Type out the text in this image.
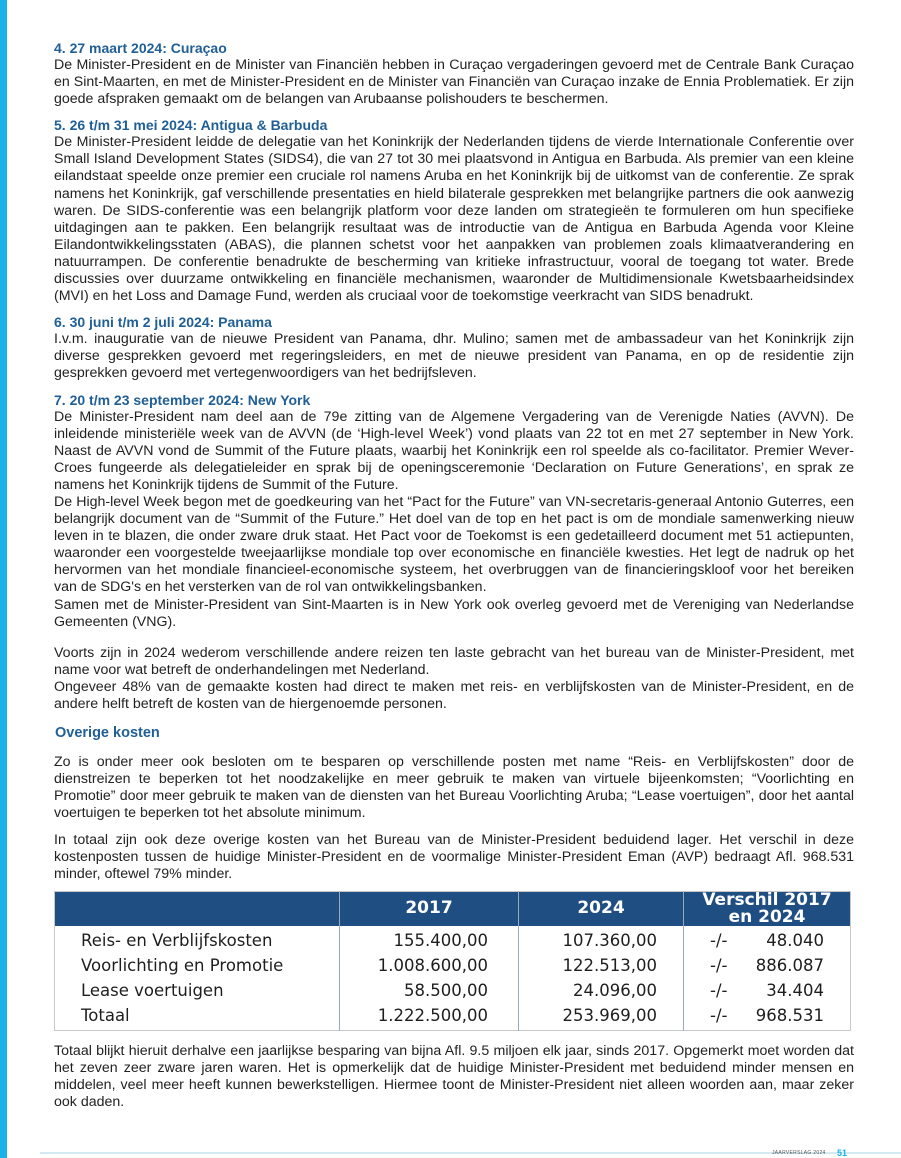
4. 27 maart 2024: Curaçao

De Minister-President en de Minister van Financiën hebben in Curaçao vergaderingen gevoerd met de Centrale Bank Curaçao en Sint-Maarten, en met de Minister-President en de Minister van Financiën van Curaçao inzake de Ennia Problematiek. Er zijn goede afspraken gemaakt om de belangen van Arubaanse polishouders te beschermen.

5. 26 t/m 31 mei 2024: Antigua & Barbuda

De Minister-President leidde de delegatie van het Koninkrijk der Nederlanden tijdens de vierde Internationale Conferentie over Small Island Development States (SIDS4), die van 27 tot 30 mei plaatsvond in Antigua en Barbuda. Als premier van een kleine eilandstaat speelde onze premier een cruciale rol namens Aruba en het Koninkrijk bij de uitkomst van de conferentie. Ze sprak namens het Koninkrijk, gaf verschillende presentaties en hield bilaterale gesprekken met belangrijke partners die ook aanwezig waren. De SIDS-conferentie was een belangrijk platform voor deze landen om strategieën te formuleren om hun specifieke uitdagingen aan te pakken. Een belangrijk resultaat was de introductie van de Antigua en Barbuda Agenda voor Kleine Eilandontwikkelingsstaten (ABAS), die plannen schetst voor het aanpakken van problemen zoals klimaatverandering en natuurrampen. De conferentie benadrukte de bescherming van kritieke infrastructuur, vooral de toegang tot water. Brede discussies over duurzame ontwikkeling en financiële mechanismen, waaronder de Multidimensionale Kwetsbaarheidsindex (MVI) en het Loss and Damage Fund, werden als cruciaal voor de toekomstige veerkracht van SIDS benadrukt.

6. 30 juni t/m 2 juli 2024: Panama

I.v.m. inauguratie van de nieuwe President van Panama, dhr. Mulino; samen met de ambassadeur van het Koninkrijk zijn diverse gesprekken gevoerd met regeringsleiders, en met de nieuwe president van Panama, en op de residentie zijn gesprekken gevoerd met vertegenwoordigers van het bedrijfsleven.

7. 20 t/m 23 september 2024: New York

De Minister-President nam deel aan de 79e zitting van de Algemene Vergadering van de Verenigde Naties (AVVN). De inleidende ministeriële week van de AVVN (de ‘High-level Week’) vond plaats van 22 tot en met 27 september in New York. Naast de AVVN vond de Summit of the Future plaats, waarbij het Koninkrijk een rol speelde als co-facilitator. Premier Wever-Croes fungeerde als delegatieleider en sprak bij de openingsceremonie ‘Declaration on Future Generations’, en sprak ze namens het Koninkrijk tijdens de Summit of the Future.

De High-level Week begon met de goedkeuring van het “Pact for the Future” van VN-secretaris-generaal Antonio Guterres, een belangrijk document van de “Summit of the Future.” Het doel van de top en het pact is om de mondiale samenwerking nieuw leven in te blazen, die onder zware druk staat. Het Pact voor de Toekomst is een gedetailleerd document met 51 actiepunten, waaronder een voorgestelde tweejaarlijkse mondiale top over economische en financiële kwesties. Het legt de nadruk op het hervormen van het mondiale financieel-economische systeem, het overbruggen van de financieringskloof voor het bereiken van de SDG's en het versterken van de rol van ontwikkelingsbanken.

Samen met de Minister-President van Sint-Maarten is in New York ook overleg gevoerd met de Vereniging van Nederlandse Gemeenten (VNG).

Voorts zijn in 2024 wederom verschillende andere reizen ten laste gebracht van het bureau van de Minister-President, met name voor wat betreft de onderhandelingen met Nederland.

Ongeveer 48% van de gemaakte kosten had direct te maken met reis- en verblijfskosten van de Minister-President, en de andere helft betreft de kosten van de hiergenoemde personen.

Overige kosten

Zo is onder meer ook besloten om te besparen op verschillende posten met name “Reis- en Verblijfskosten” door de dienstreizen te beperken tot het noodzakelijke en meer gebruik te maken van virtuele bijeenkomsten; “Voorlichting en Promotie” door meer gebruik te maken van de diensten van het Bureau Voorlichting Aruba; “Lease voertuigen”, door het aantal voertuigen te beperken tot het absolute minimum.

In totaal zijn ook deze overige kosten van het Bureau van de Minister-President beduidend lager. Het verschil in deze kostenposten tussen de huidige Minister-President en de voormalige Minister-President Eman (AVP) bedraagt Afl. 968.531 minder, oftewel 79% minder.

	2017	2024	Verschil 2017 en 2024
Reis- en Verblijfskosten	155.400,00	107.360,00	-/- 48.040

Voorlichting en Promotie	1.008.600,00	122.513,00	-/- 886.087

Lease voertuigen	58.500,00	24.096,00	-/- 34.404

Totaal	1.222.500,00	253.969,00	-/- 968.531

Totaal blijkt hieruit derhalve een jaarlijkse besparing van bijna Afl. 9.5 miljoen elk jaar, sinds 2017. Opgemerkt moet worden dat het zeven zeer zware jaren waren. Het is opmerkelijk dat de huidige Minister-President met beduidend minder mensen en middelen, veel meer heeft kunnen bewerkstelligen. Hiermee toont de Minister-President niet alleen woorden aan, maar zeker ook daden.

JAARVERSLAG 2024 51
